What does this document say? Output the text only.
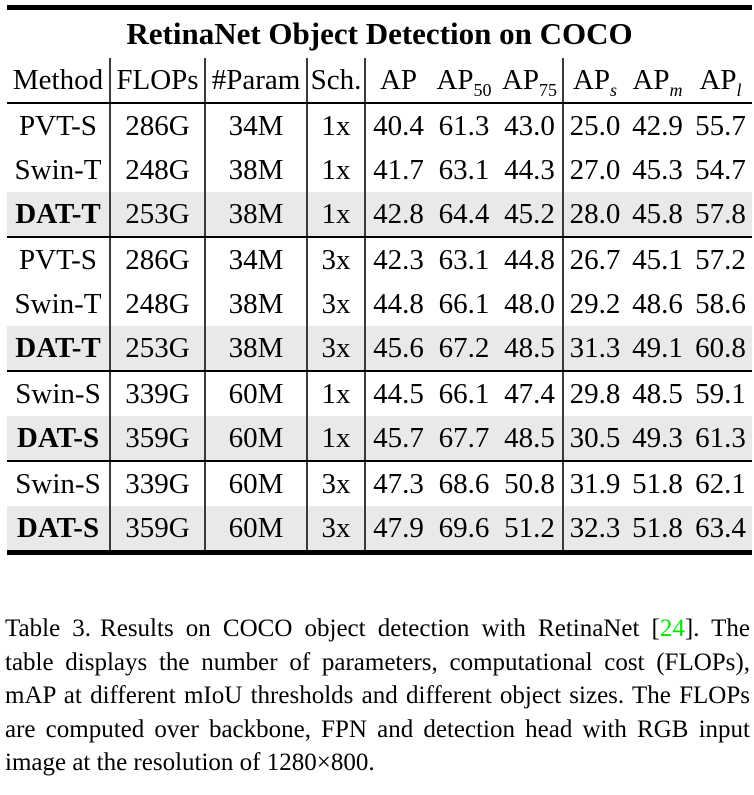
RetinaNet Object Detection on COCO
Method	FLOPs	#Param	Sch.	AP	$AP_{50}$	$AP_{75}$	$AP_s$	$AP_m$	$AP_l$
PVT-S	286G	34M	1x	40.4	61.3	43.0	25.0	42.9	55.7
Swin-T	248G	38M	1x	41.7	63.1	44.3	27.0	45.3	54.7
DAT-T	253G	38M	1x	42.8	64.4	45.2	28.0	45.8	57.8
PVT-S	286G	34M	3x	42.3	63.1	44.8	26.7	45.1	57.2
Swin-T	248G	38M	3x	44.8	66.1	48.0	29.2	48.6	58.6
DAT-T	253G	38M	3x	45.6	67.2	48.5	31.3	49.1	60.8
Swin-S	339G	60M	1x	44.5	66.1	47.4	29.8	48.5	59.1
DAT-S	359G	60M	1x	45.7	67.7	48.5	30.5	49.3	61.3
Swin-S	339G	60M	3x	47.3	68.6	50.8	31.9	51.8	62.1
DAT-S	359G	60M	3x	47.9	69.6	51.2	32.3	51.8	63.4

Table 3. Results on COCO object detection with RetinaNet [24]. The table displays the number of parameters, computational cost (FLOPs), mAP at different mIoU thresholds and different object sizes. The FLOPs are computed over backbone, FPN and detection head with RGB input image at the resolution of 1280×800.
